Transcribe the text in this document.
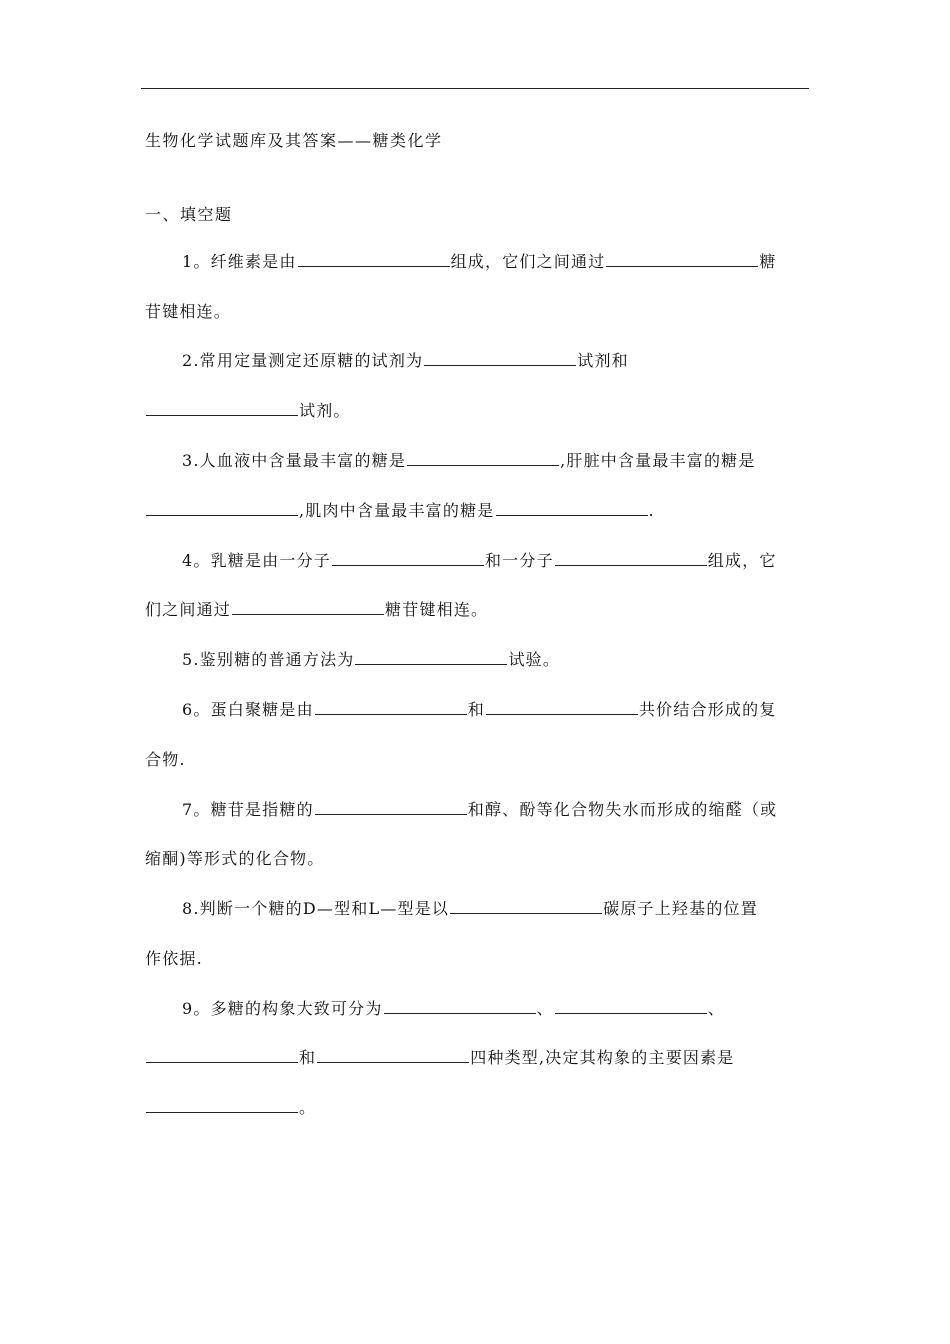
生物化学试题库及其答案——糖类化学
一、填空题
1。纤维素是由	组成，它们之间通过	糖
苷键相连。
2.常用定量测定还原糖的试剂为	试剂和
试剂。
3.人血液中含量最丰富的糖是	,肝脏中含量最丰富的糖是
,肌肉中含量最丰富的糖是	.
4。乳糖是由一分子	和一分子	组成，它
们之间通过	糖苷键相连。
5.鉴别糖的普通方法为	试验。
6。蛋白聚糖是由	和	共价结合形成的复
合物.
7。糖苷是指糖的	和醇、酚等化合物失水而形成的缩醛（或
缩酮)等形式的化合物。
8.判断一个糖的D—型和L—型是以	碳原子上羟基的位置
作依据.
9。多糖的构象大致可分为	、	、
和	四种类型,决定其构象的主要因素是
。
